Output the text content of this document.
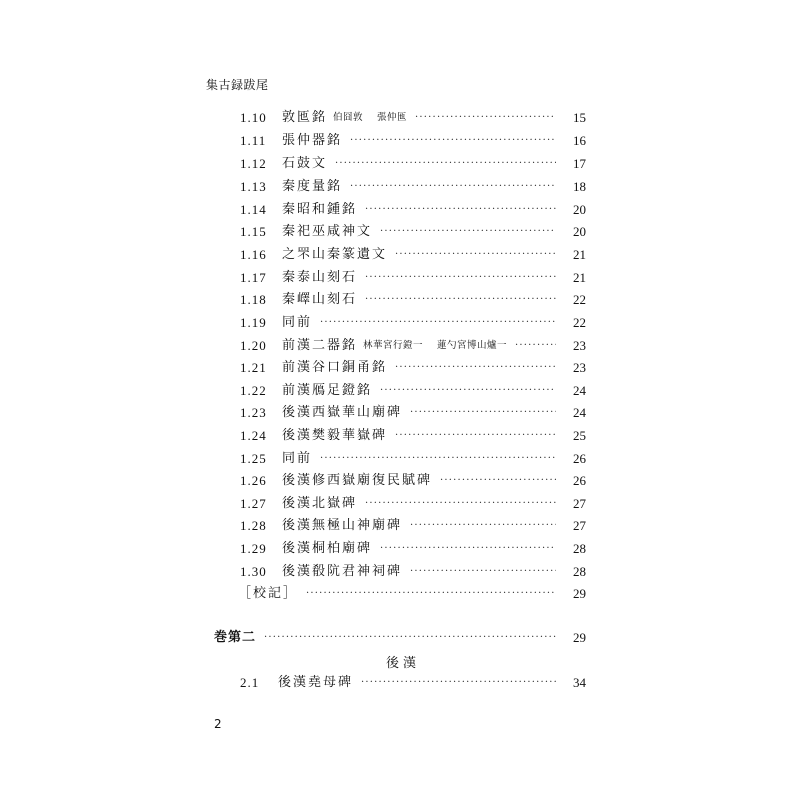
集古録跋尾
1.10	敦匜銘 伯囧敦 張仲匜 ·····	15
1.11	張仲器銘 ·····	16
1.12	石鼓文 ·····	17
1.13	秦度量銘 ·····	18
1.14	秦昭和鍾銘 ·····	20
1.15	秦祀巫咸神文 ·····	20
1.16	之罘山秦篆遺文 ·····	21
1.17	秦泰山刻石 ·····	21
1.18	秦嶧山刻石 ·····	22
1.19	同前 ·····	22
1.20	前漢二器銘 林華宮行鐙一 蓮勺宮博山爐一 ·····	23
1.21	前漢谷口銅甬銘 ·····	23
1.22	前漢鴈足鐙銘 ·····	24
1.23	後漢西嶽華山廟碑 ·····	24
1.24	後漢樊毅華嶽碑 ·····	25
1.25	同前 ·····	26
1.26	後漢修西嶽廟復民賦碑 ·····	26
1.27	後漢北嶽碑 ·····	27
1.28	後漢無極山神廟碑 ·····	27
1.29	後漢桐柏廟碑 ·····	28
1.30	後漢殽阬君神祠碑 ·····	28
［校記］ ·····	29
巻第二 ·····	29
後漢
2.1	後漢堯母碑 ·····	34
2
